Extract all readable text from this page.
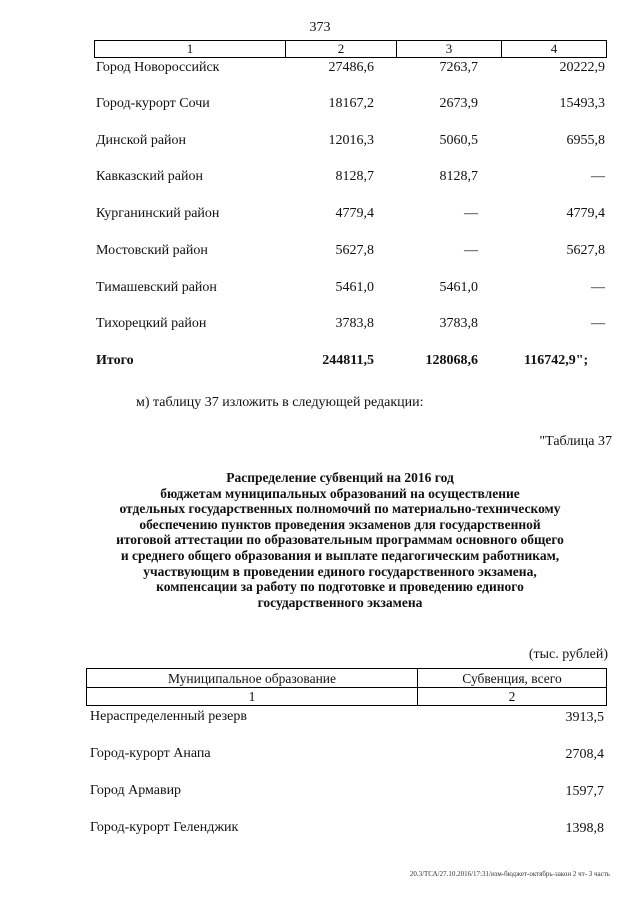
373
1	2	3	4
Город Новороссийск	27486,6	7263,7	20222,9
Город-курорт Сочи	18167,2	2673,9	15493,3
Динской район	12016,3	5060,5	6955,8
Кавказский район	8128,7	8128,7	—
Курганинский район	4779,4	—	4779,4
Мостовский район	5627,8	—	5627,8
Тимашевский район	5461,0	5461,0	—
Тихорецкий район	3783,8	3783,8	—
Итого	244811,5	128068,6	116742,9";
м) таблицу 37 изложить в следующей редакции:
"Таблица 37
Распределение субвенций на 2016 год
бюджетам муниципальных образований на осуществление
отдельных государственных полномочий по материально-техническому
обеспечению пунктов проведения экзаменов для государственной
итоговой аттестации по образовательным программам основного общего
и среднего общего образования и выплате педагогическим работникам,
участвующим в проведении единого государственного экзамена,
компенсации за работу по подготовке и проведению единого
государственного экзамена
(тыс. рублей)
Муниципальное образование	Субвенция, всего
1	2
Нераспределенный резерв	3913,5
Город-курорт Анапа	2708,4
Город Армавир	1597,7
Город-курорт Геленджик	1398,8
20.3/ТСА/27.10.2016/17:31/изм-бюджет-октябрь-закон 2 чт- 3 часть
